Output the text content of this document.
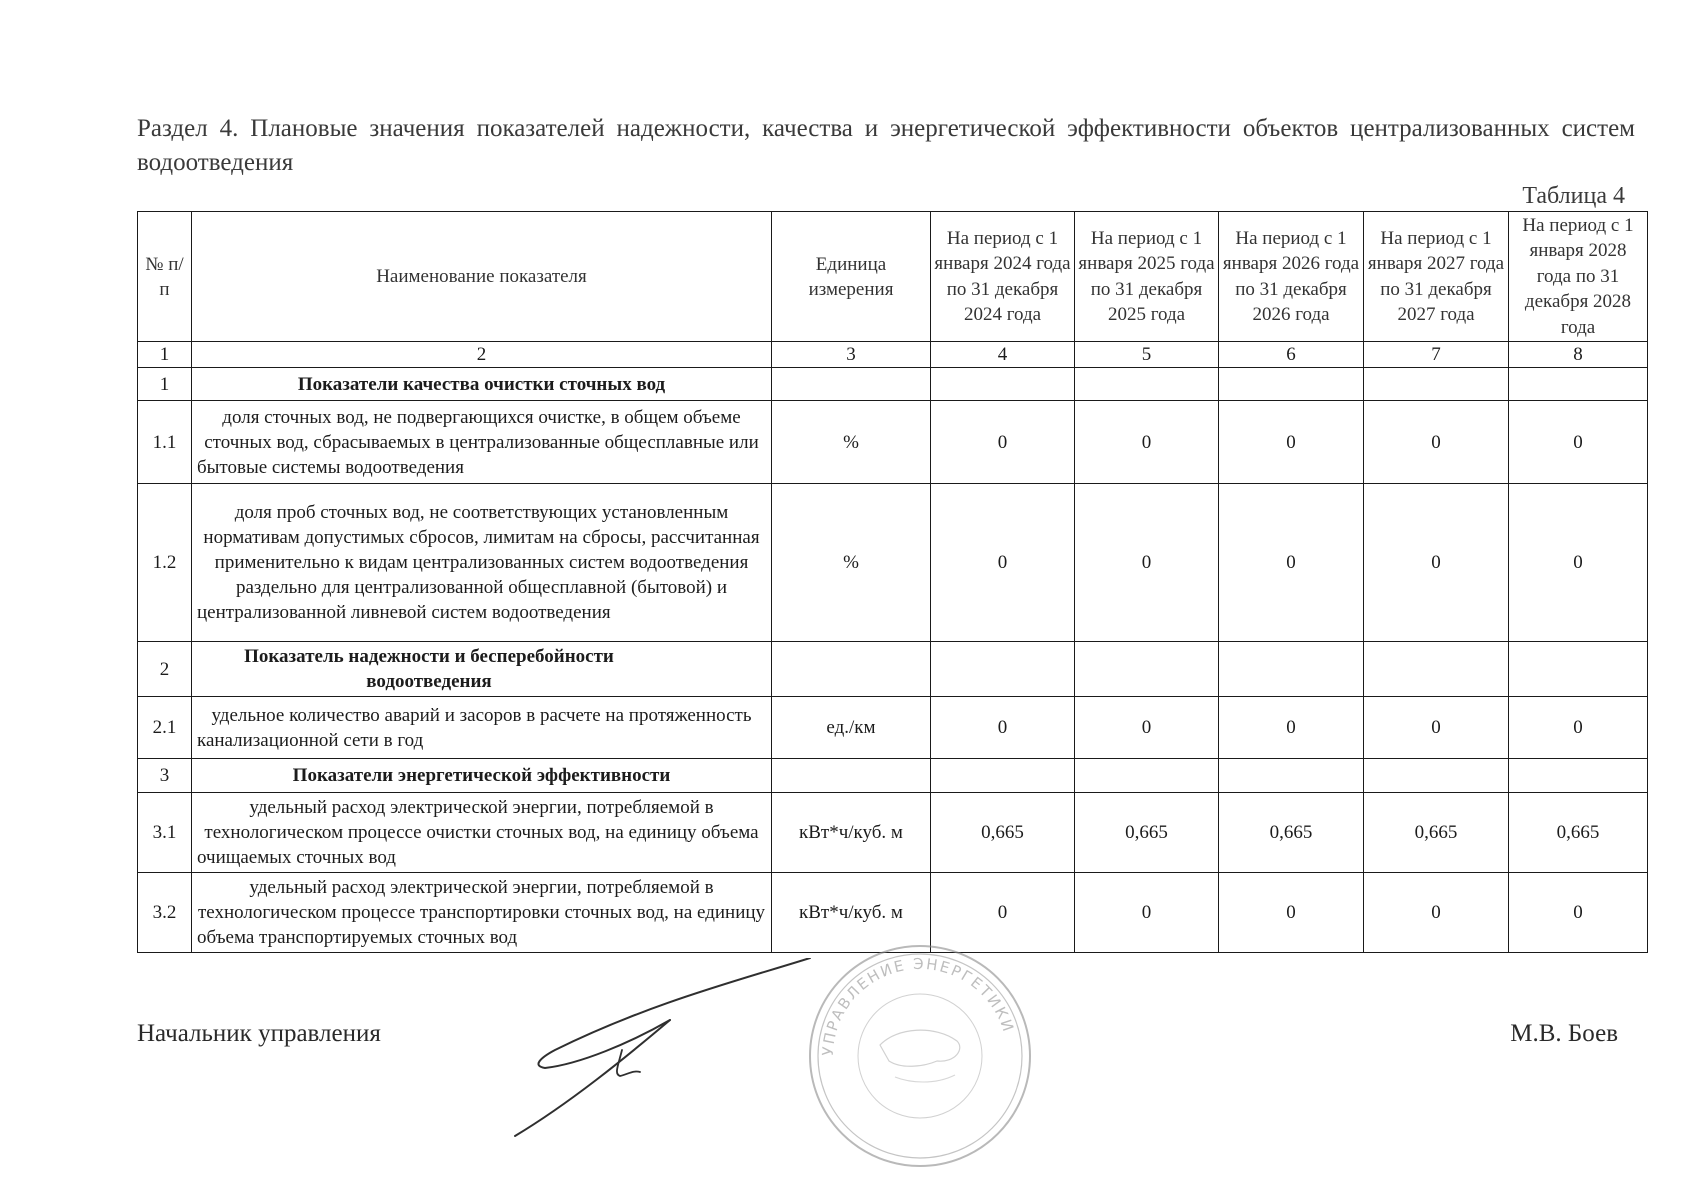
Раздел 4. Плановые значения показателей надежности, качества и энергетической эффективности объектов централизованных систем водоотведения
Таблица 4
№ п/п	Наименование показателя	Единица измерения	На период с 1 января 2024 года по 31 декабря 2024 года	На период с 1 января 2025 года по 31 декабря 2025 года	На период с 1 января 2026 года по 31 декабря 2026 года	На период с 1 января 2027 года по 31 декабря 2027 года	На период с 1 января 2028 года по 31 декабря 2028 года
1	2	3	4	5	6	7	8
1	Показатели качества очистки сточных вод						
1.1	доля сточных вод, не подвергающихся очистке, в общем объеме сточных вод, сбрасываемых в централизованные общесплавные или бытовые системы водоотведения	%	0	0	0	0	0
1.2	доля проб сточных вод, не соответствующих установленным нормативам допустимых сбросов, лимитам на сбросы, рассчитанная применительно к видам централизованных систем водоотведения раздельно для централизованной общесплавной (бытовой) и централизованной ливневой систем водоотведения	%	0	0	0	0	0
2	Показатель надежности и бесперебойности водоотведения						
2.1	удельное количество аварий и засоров в расчете на протяженность канализационной сети в год	ед./км	0	0	0	0	0
3	Показатели энергетической эффективности						
3.1	удельный расход электрической энергии, потребляемой в технологическом процессе очистки сточных вод, на единицу объема очищаемых сточных вод	кВт*ч/куб. м	0,665	0,665	0,665	0,665	0,665
3.2	удельный расход электрической энергии, потребляемой в технологическом процессе транспортировки сточных вод, на единицу объема транспортируемых сточных вод	кВт*ч/куб. м	0	0	0	0	0
Начальник управления	М.В. Боев
УПРАВЛЕНИЕ ЭНЕРГЕТИКИ
